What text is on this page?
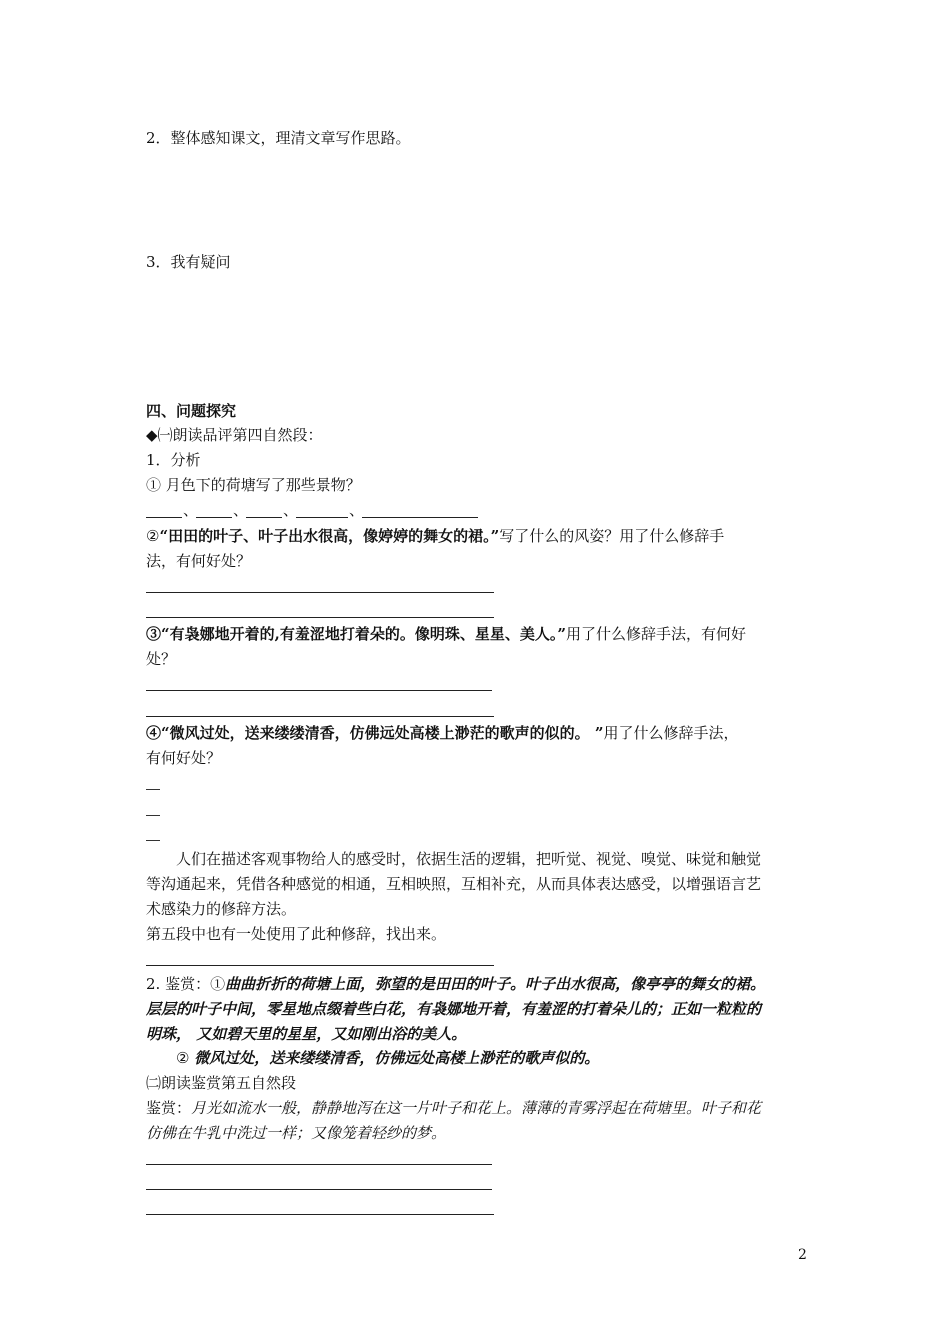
2．整体感知课文，理清文章写作思路。
3．我有疑问
四、问题探究
◆㈠朗读品评第四自然段：
1．分析
① 月色下的荷塘写了那些景物？
、 、 、	、
②“田田的叶子、叶子出水很高，像婷婷的舞女的裙。”写了什么的风姿？用了什么修辞手
法，有何好处？
③“有袅娜地开着的,有羞涩地打着朵的。像明珠、星星、美人。”用了什么修辞手法，有何好
处？
④“微风过处，送来缕缕清香，仿佛远处高楼上渺茫的歌声的似的。 ”用了什么修辞手法，
有何好处？
人们在描述客观事物给人的感受时，依据生活的逻辑，把听觉、视觉、嗅觉、味觉和触觉
等沟通起来，凭借各种感觉的相通，互相映照，互相补充，从而具体表达感受，以增强语言艺
术感染力的修辞方法。
第五段中也有一处使用了此种修辞，找出来。
2. 鉴赏：①曲曲折折的荷塘上面，弥望的是田田的叶子。叶子出水很高，像亭亭的舞女的裙。
层层的叶子中间，零星地点缀着些白花，有袅娜地开着，有羞涩的打着朵儿的；正如一粒粒的
明珠， 又如碧天里的星星，又如刚出浴的美人。
② 微风过处，送来缕缕清香，仿佛远处高楼上渺茫的歌声似的。
㈡朗读鉴赏第五自然段
鉴赏：月光如流水一般，静静地泻在这一片叶子和花上。薄薄的青雾浮起在荷塘里。叶子和花
仿佛在牛乳中洗过一样；又像笼着轻纱的梦。
2
